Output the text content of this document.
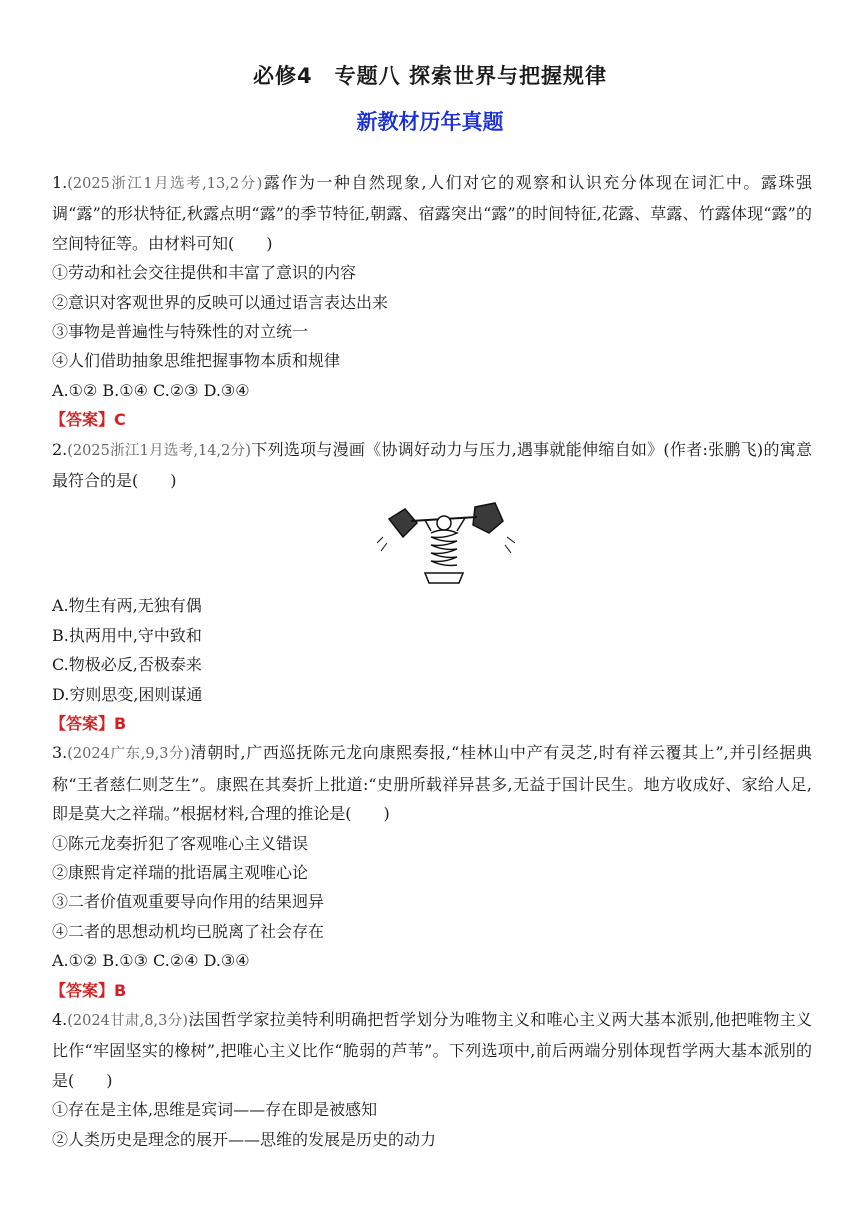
必修4　专题八 探索世界与把握规律
新教材历年真题
1.(2025浙江1月选考,13,2分)露作为一种自然现象,人们对它的观察和认识充分体现在词汇中。露珠强调“露”的形状特征,秋露点明“露”的季节特征,朝露、宿露突出“露”的时间特征,花露、草露、竹露体现“露”的空间特征等。由材料可知(　　)
①劳动和社会交往提供和丰富了意识的内容
②意识对客观世界的反映可以通过语言表达出来
③事物是普遍性与特殊性的对立统一
④人们借助抽象思维把握事物本质和规律
A.①② B.①④ C.②③ D.③④
【答案】C
2.(2025浙江1月选考,14,2分)下列选项与漫画《协调好动力与压力,遇事就能伸缩自如》(作者:张鹏飞)的寓意最符合的是(　　)
A.物生有两,无独有偶
B.执两用中,守中致和
C.物极必反,否极泰来
D.穷则思变,困则谋通
【答案】B
3.(2024广东,9,3分)清朝时,广西巡抚陈元龙向康熙奏报,“桂林山中产有灵芝,时有祥云覆其上”,并引经据典称“王者慈仁则芝生”。康熙在其奏折上批道:“史册所载祥异甚多,无益于国计民生。地方收成好、家给人足,即是莫大之祥瑞。”根据材料,合理的推论是(　　)
①陈元龙奏折犯了客观唯心主义错误
②康熙肯定祥瑞的批语属主观唯心论
③二者价值观重要导向作用的结果迥异
④二者的思想动机均已脱离了社会存在
A.①② B.①③ C.②④ D.③④
【答案】B
4.(2024甘肃,8,3分)法国哲学家拉美特利明确把哲学划分为唯物主义和唯心主义两大基本派别,他把唯物主义比作“牢固坚实的橡树”,把唯心主义比作“脆弱的芦苇”。下列选项中,前后两端分别体现哲学两大基本派别的是(　　)
①存在是主体,思维是宾词——存在即是被感知
②人类历史是理念的展开——思维的发展是历史的动力
